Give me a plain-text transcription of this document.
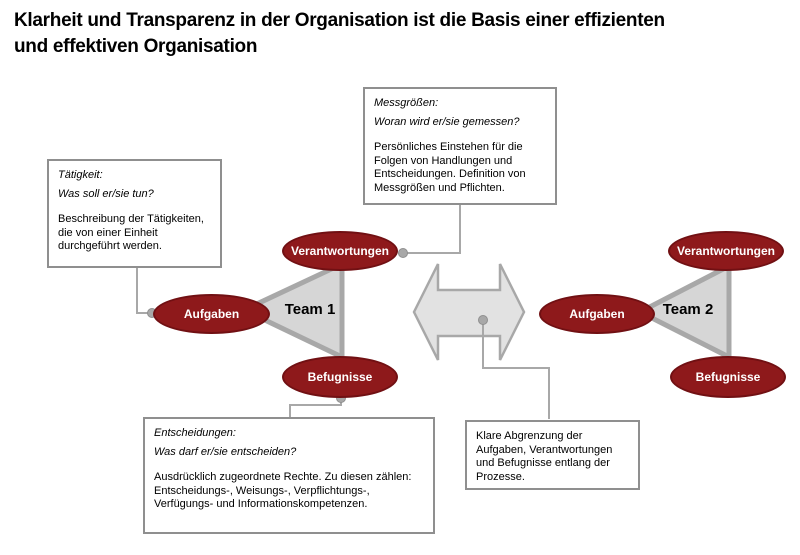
Klarheit und Transparenz in der Organisation ist die Basis einer effizienten
und effektiven Organisation
Verantwortungen
Aufgaben
Befugnisse
Team 1
Verantwortungen
Aufgaben
Befugnisse
Team 2

Tätigkeit:

Was soll er/sie tun?

Beschreibung der Tätigkeiten, die von einer Einheit durchgeführt werden.

Messgrößen:

Woran wird er/sie gemessen?

Persönliches Einstehen für die Folgen von Handlungen und Entscheidungen. Definition von Messgrößen und Pflichten.

Entscheidungen:

Was darf er/sie entscheiden?

Ausdrücklich zugeordnete Rechte. Zu diesen zählen: Entscheidungs-, Weisungs-, Verpflichtungs-, Verfügungs- und Informationskompetenzen.

Klare Abgrenzung der Aufgaben, Verantwortungen und Befugnisse entlang der Prozesse.
